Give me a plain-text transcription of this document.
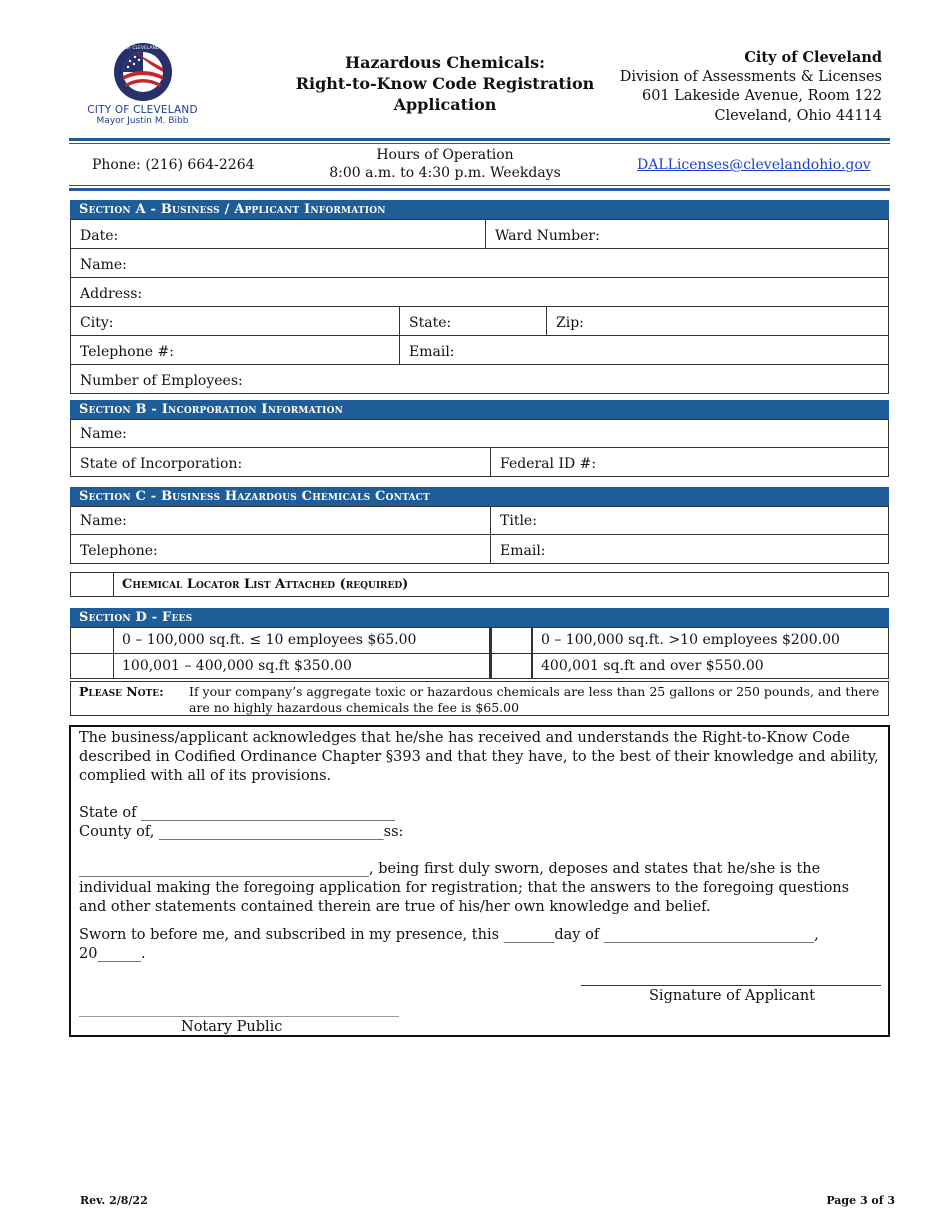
CITY OF CLEVELAND OHIO
CITY OF CLEVELAND
Mayor Justin M. Bibb
Hazardous Chemicals:
Right-to-Know Code Registration
Application
City of Cleveland
Division of Assessments & Licenses
601 Lakeside Avenue, Room 122
Cleveland, Ohio 44114
Phone: (216) 664-2264
Hours of Operation
8:00 a.m. to 4:30 p.m. Weekdays	DALLicenses@clevelandohio.gov
Section A - Business / Applicant Information
Date:	Ward Number:
Name:
Address:
City:	State:	Zip:
Telephone #:	Email:
Number of Employees:
Section B - Incorporation Information
Name:
State of Incorporation:	Federal ID #:
Section C - Business Hazardous Chemicals Contact
Name:	Title:
Telephone:	Email:
Chemical Locator List Attached (required)
Section D - Fees
0 – 100,000 sq.ft. ≤ 10 employees $65.00	0 – 100,000 sq.ft. >10 employees $200.00
100,001 – 400,000 sq.ft $350.00	400,001 sq.ft and over $550.00
Please Note:	If your company’s aggregate toxic or hazardous chemicals are less than 25 gallons or 250 pounds, and there are no highly hazardous chemicals the fee is $65.00

The business/applicant acknowledges that he/she has received and understands the Right-to-Know Code described in Codified Ordinance Chapter §393 and that they have, to the best of their knowledge and ability, complied with all of its provisions.

State of ___________________________________

County of, _______________________________ss:

________________________________________, being first duly sworn, deposes and states that he/she is the individual making the foregoing application for registration; that the answers to the foregoing questions and other statements contained therein are true of his/her own knowledge and belief.

Sworn to before me, and subscribed in my presence, this _______day of _____________________________, 20______.

Signature of Applicant
Notary Public
Rev. 2/8/22	Page 3 of 3
